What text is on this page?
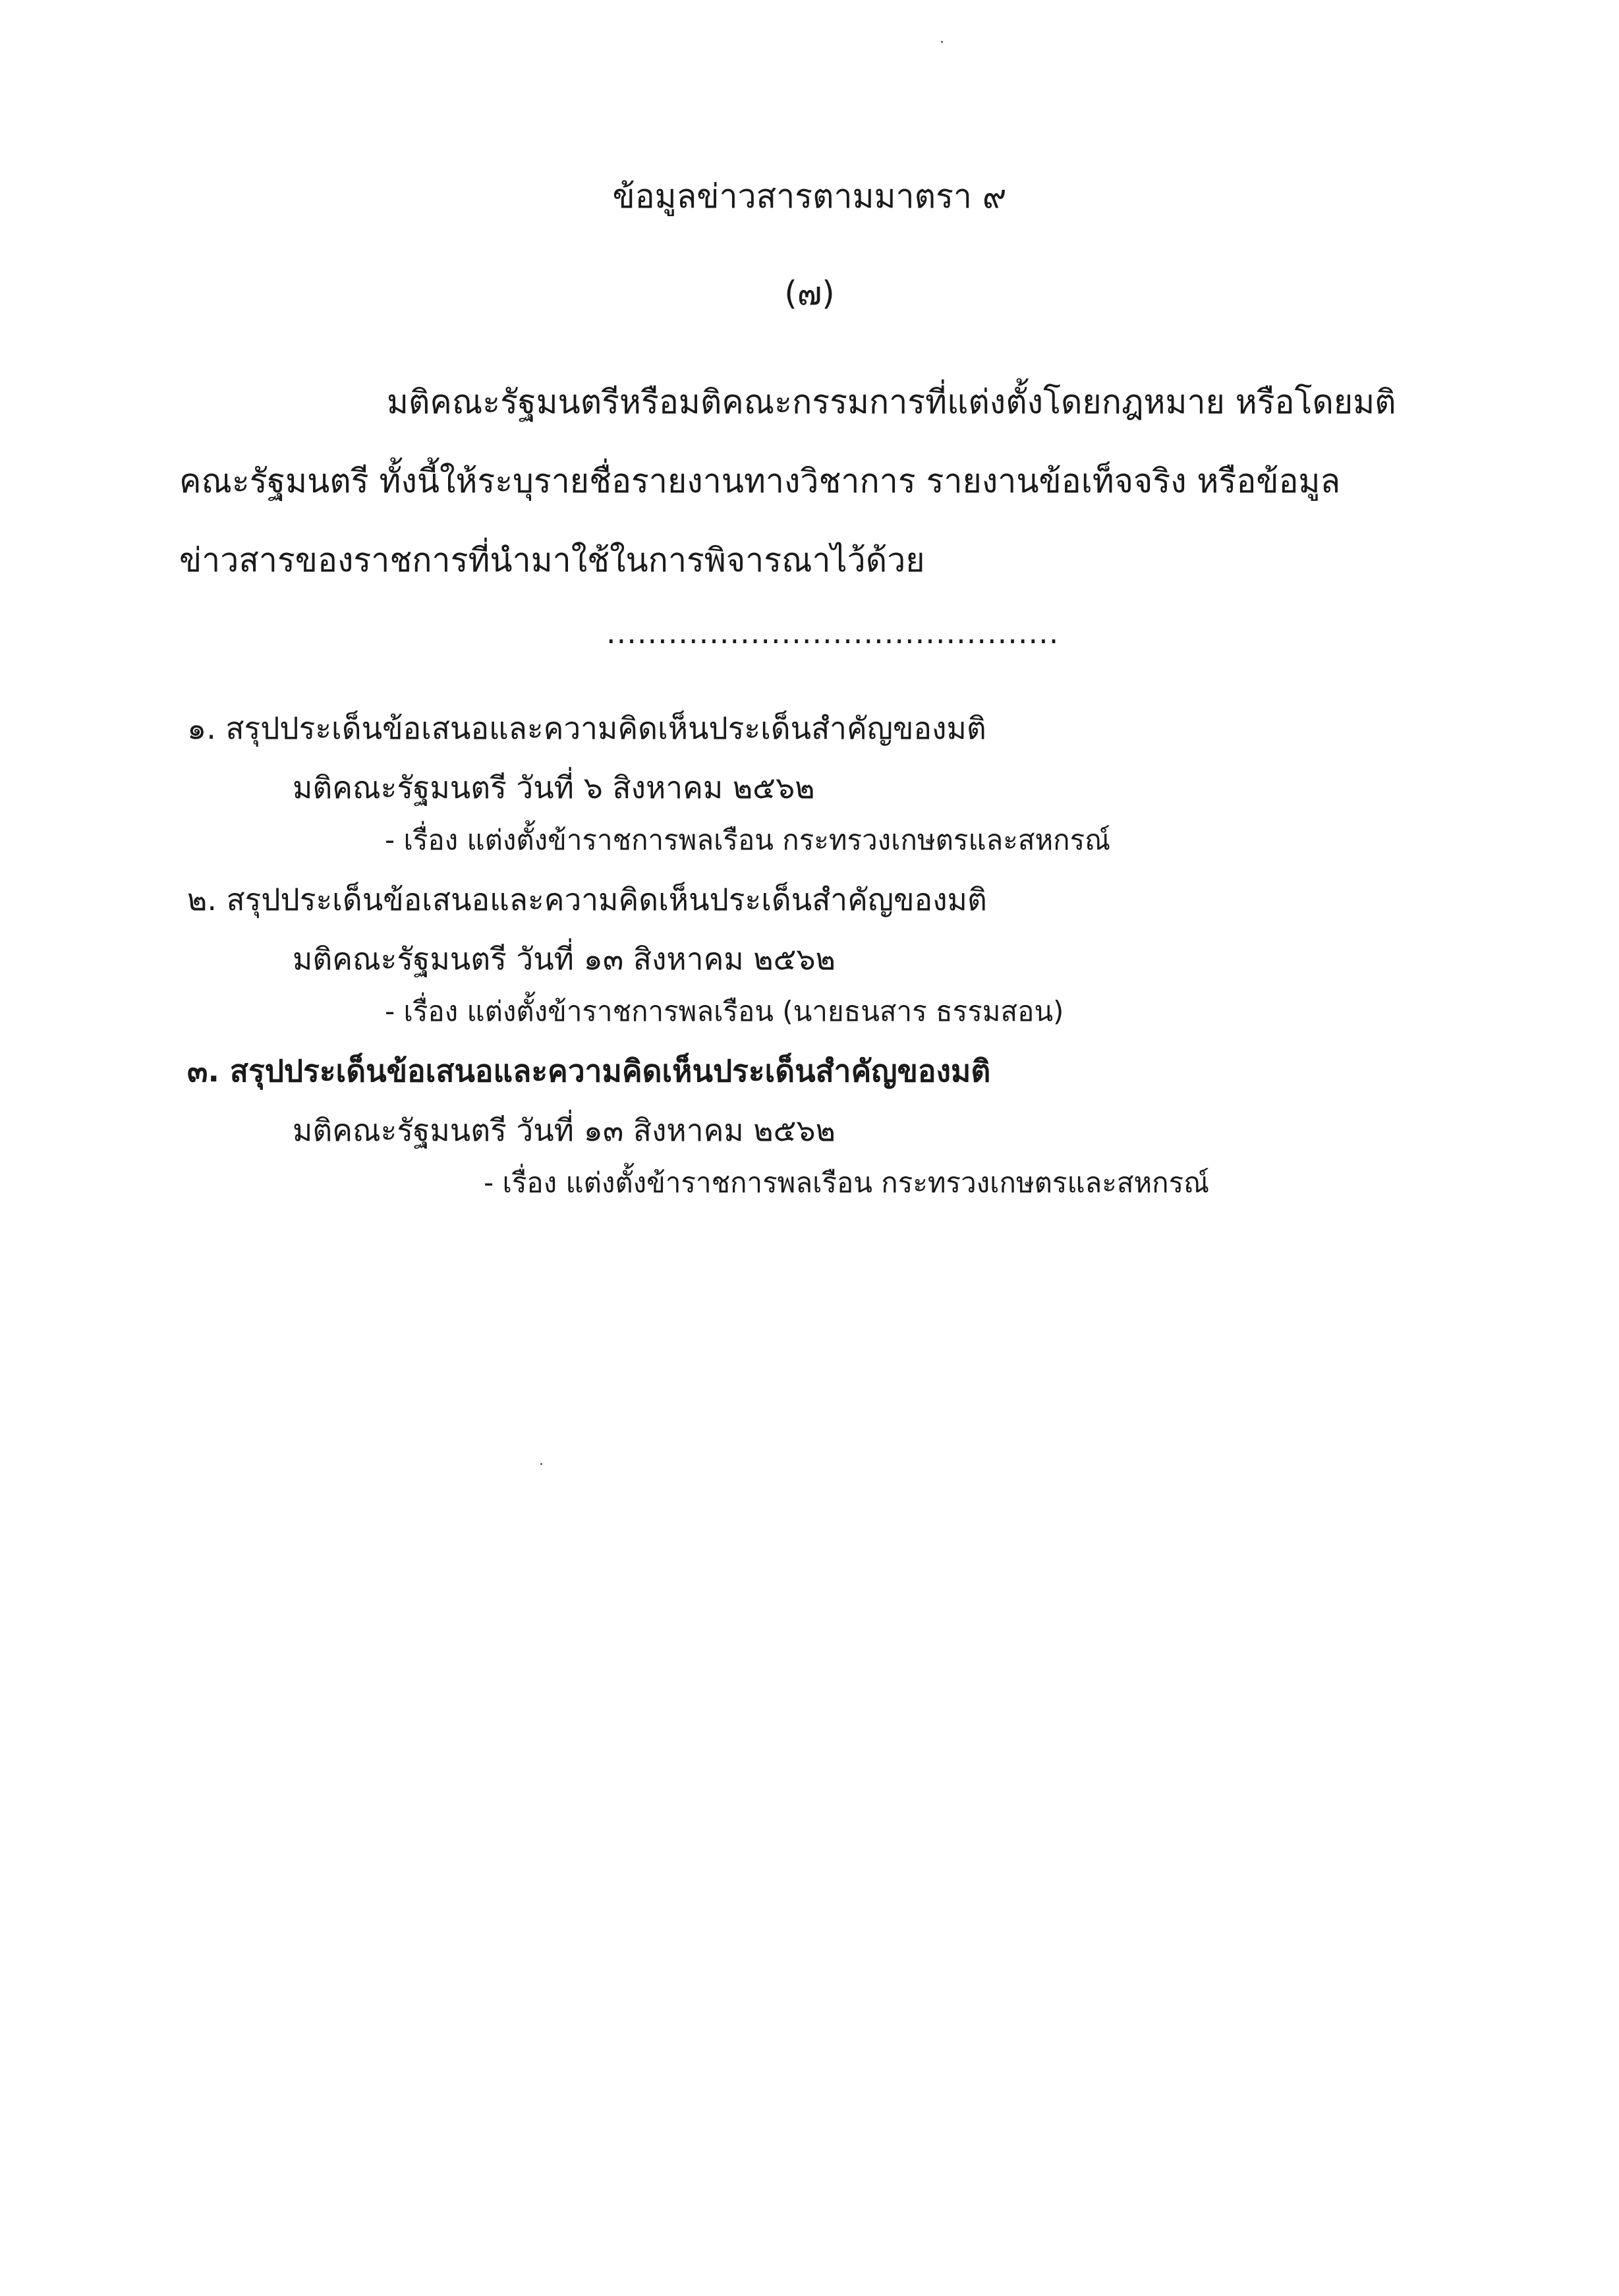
ข้อมูลข่าวสารตามมาตรา ๙
(๗)

มติคณะรัฐมนตรีหรือมติคณะกรรมการที่แต่งตั้งโดยกฎหมาย หรือโดยมติ
คณะรัฐมนตรี ทั้งนี้ให้ระบุรายชื่อรายงานทางวิชาการ รายงานข้อเท็จจริง หรือข้อมูล
ข่าวสารของราชการที่นำมาใช้ในการพิจารณาไว้ด้วย

............................................
๑. สรุปประเด็นข้อเสนอและความคิดเห็นประเด็นสำคัญของมติ
มติคณะรัฐมนตรี วันที่ ๖ สิงหาคม ๒๕๖๒
- เรื่อง แต่งตั้งข้าราชการพลเรือน กระทรวงเกษตรและสหกรณ์
๒. สรุปประเด็นข้อเสนอและความคิดเห็นประเด็นสำคัญของมติ
มติคณะรัฐมนตรี วันที่ ๑๓ สิงหาคม ๒๕๖๒
- เรื่อง แต่งตั้งข้าราชการพลเรือน (นายธนสาร ธรรมสอน)
๓. สรุปประเด็นข้อเสนอและความคิดเห็นประเด็นสำคัญของมติ
มติคณะรัฐมนตรี วันที่ ๑๓ สิงหาคม ๒๕๖๒
- เรื่อง แต่งตั้งข้าราชการพลเรือน กระทรวงเกษตรและสหกรณ์
